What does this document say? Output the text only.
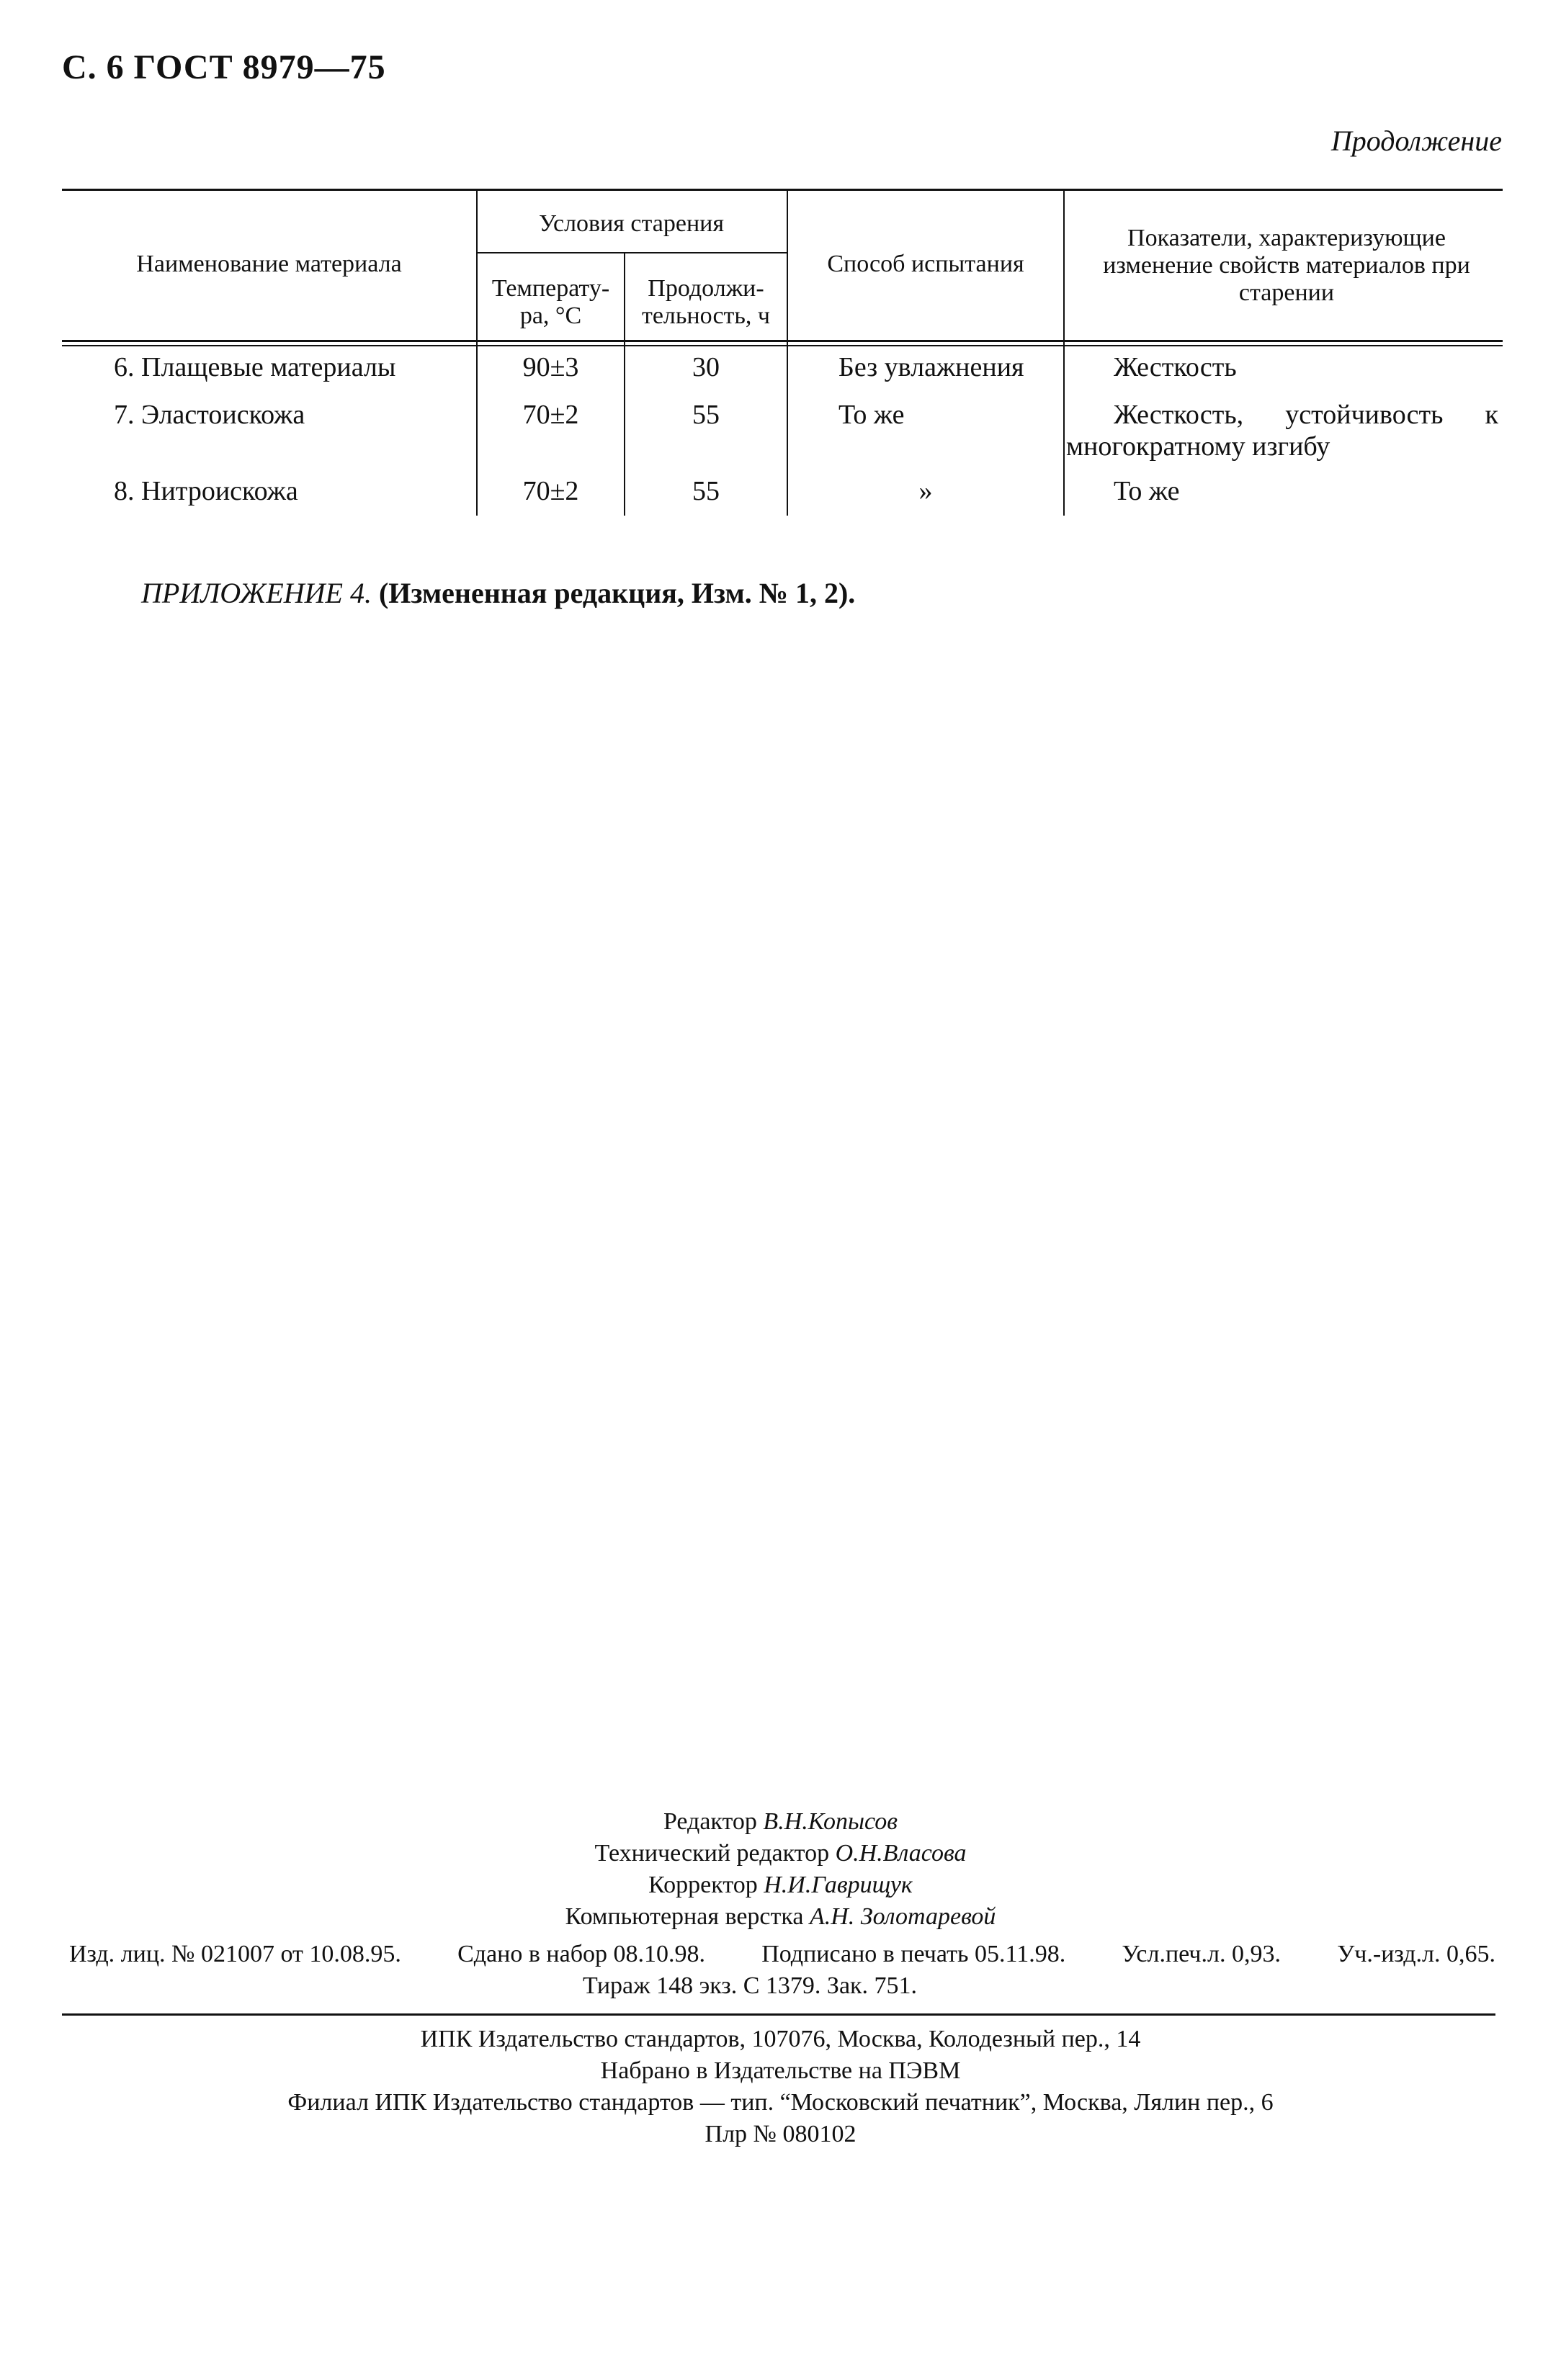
С. 6 ГОСТ 8979—75
Продолжение
Наименование материала
Условия старения
Температу-
ра, °С
Продолжи-
тельность, ч
Способ испытания
Показатели, характеризующие изменение свойств материалов при старении
6. Плащевые материалы	90±3	30	Без увлажнения	Жесткость
7. Эластоискожа	70±2	55	То же	Жесткость, устойчивость к многократному изгибу
8. Нитроискожа	70±2	55	»	То же
ПРИЛОЖЕНИЕ 4. (Измененная редакция, Изм. № 1, 2).
Редактор В.Н.Копысов
Технический редактор О.Н.Власова
Корректор Н.И.Гаврищук
Компьютерная верстка А.Н. Золотаревой
Изд. лиц. № 021007 от 10.08.95. Сдано в набор 08.10.98. Подписано в печать 05.11.98. Усл.печ.л. 0,93. Уч.-изд.л. 0,65.
Тираж 148 экз. С 1379. Зак. 751.
ИПК Издательство стандартов, 107076, Москва, Колодезный пер., 14
Набрано в Издательстве на ПЭВМ
Филиал ИПК Издательство стандартов — тип. “Московский печатник”, Москва, Лялин пер., 6
Плр № 080102
